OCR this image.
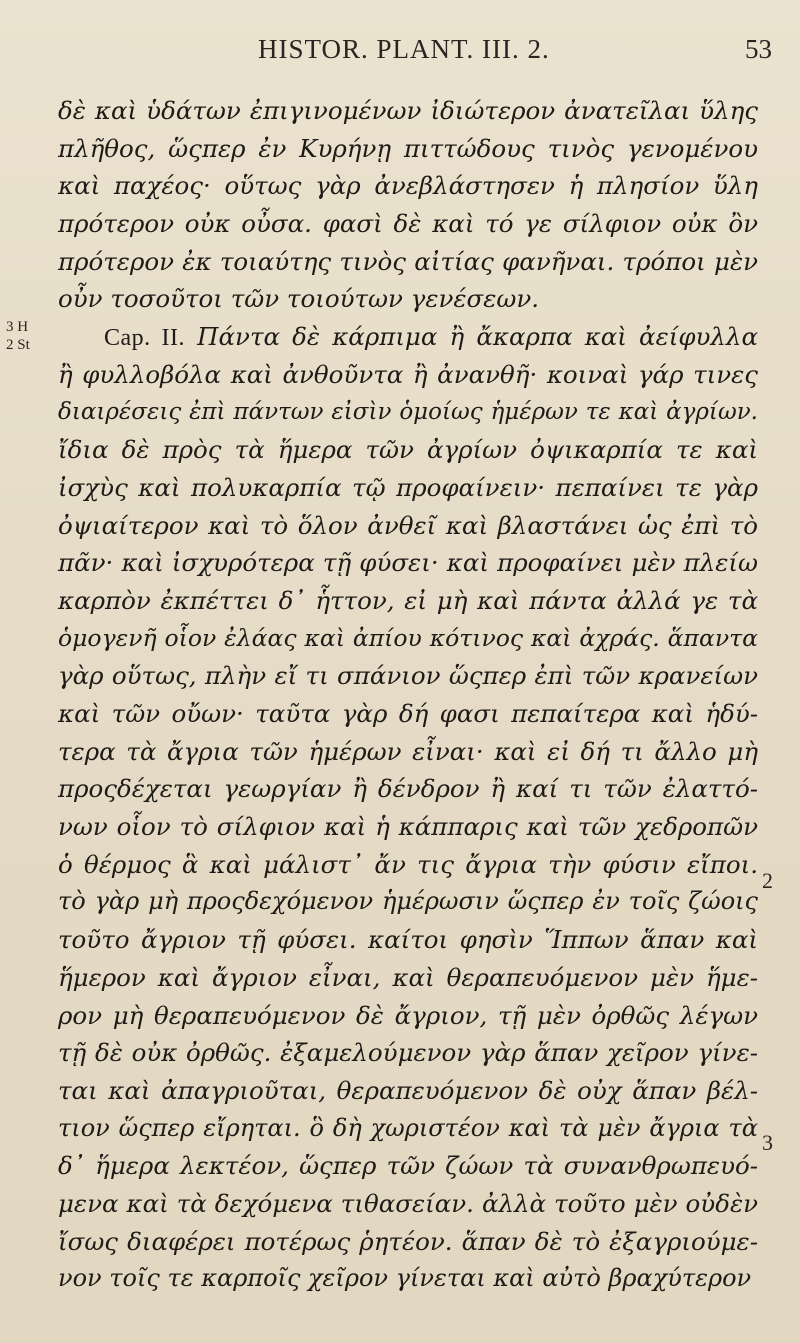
HISTOR. PLANT. III. 2.	53
3 H
2 St
2
3
δὲ καὶ ὑδάτων ἐπιγινομένων ἰδιώτερον ἀνατεῖλαι ὕλης
πλῆθος, ὥςπερ ἐν Κυρήνῃ πιττώδους τινὸς γενομένου
καὶ παχέος· οὕτως γὰρ ἀνεβλάστησεν ἡ πλησίον ὕλη
πρότερον οὐκ οὖσα. φασὶ δὲ καὶ τό γε σίλφιον οὐκ ὂν
πρότερον ἐκ τοιαύτης τινὸς αἰτίας φανῆναι. τρόποι μὲν
οὖν τοσοῦτοι τῶν τοιούτων γενέσεων.
Cap. II. Πάντα δὲ κάρπιμα ἢ ἄκαρπα καὶ ἀείφυλλα
ἢ φυλλοβόλα καὶ ἀνθοῦντα ἢ ἀνανθῆ· κοιναὶ γάρ τινες
διαιρέσεις ἐπὶ πάντων εἰσὶν ὁμοίως ἡμέρων τε καὶ ἀγρίων.
ἴδια δὲ πρὸς τὰ ἥμερα τῶν ἀγρίων ὀψικαρπία τε καὶ
ἰσχὺς καὶ πολυκαρπία τῷ προφαίνειν· πεπαίνει τε γὰρ
ὀψιαίτερον καὶ τὸ ὅλον ἀνθεῖ καὶ βλαστάνει ὡς ἐπὶ τὸ
πᾶν· καὶ ἰσχυρότερα τῇ φύσει· καὶ προφαίνει μὲν πλείω
καρπὸν ἐκπέττει δ᾽ ἧττον, εἰ μὴ καὶ πάντα ἀλλά γε τὰ
ὁμογενῆ οἷον ἐλάας καὶ ἀπίου κότινος καὶ ἀχράς. ἅπαντα
γὰρ οὕτως, πλὴν εἴ τι σπάνιον ὥςπερ ἐπὶ τῶν κρανείων
καὶ τῶν οὔων· ταῦτα γὰρ δή φασι πεπαίτερα καὶ ἡδύ-
τερα τὰ ἄγρια τῶν ἡμέρων εἶναι· καὶ εἰ δή τι ἄλλο μὴ
προςδέχεται γεωργίαν ἢ δένδρον ἢ καί τι τῶν ἐλαττό-
νων οἷον τὸ σίλφιον καὶ ἡ κάππαρις καὶ τῶν χεδροπῶν
ὁ θέρμος ἃ καὶ μάλιστ᾽ ἄν τις ἄγρια τὴν φύσιν εἴποι.
τὸ γὰρ μὴ προςδεχόμενον ἡμέρωσιν ὥςπερ ἐν τοῖς ζώοις
τοῦτο ἄγριον τῇ φύσει. καίτοι φησὶν Ἵππων ἅπαν καὶ
ἥμερον καὶ ἄγριον εἶναι, καὶ θεραπευόμενον μὲν ἥμε-
ρον μὴ θεραπευόμενον δὲ ἄγριον, τῇ μὲν ὀρθῶς λέγων
τῇ δὲ οὐκ ὀρθῶς. ἐξαμελούμενον γὰρ ἅπαν χεῖρον γίνε-
ται καὶ ἀπαγριοῦται, θεραπευόμενον δὲ οὐχ ἅπαν βέλ-
τιον ὥςπερ εἴρηται. ὃ δὴ χωριστέον καὶ τὰ μὲν ἄγρια τὰ
δ᾽ ἥμερα λεκτέον, ὥςπερ τῶν ζώων τὰ συνανθρωπευό-
μενα καὶ τὰ δεχόμενα τιθασείαν. ἀλλὰ τοῦτο μὲν οὐδὲν
ἴσως διαφέρει ποτέρως ῥητέον. ἅπαν δὲ τὸ ἐξαγριούμε-
νον τοῖς τε καρποῖς χεῖρον γίνεται καὶ αὐτὸ βραχύτερον
